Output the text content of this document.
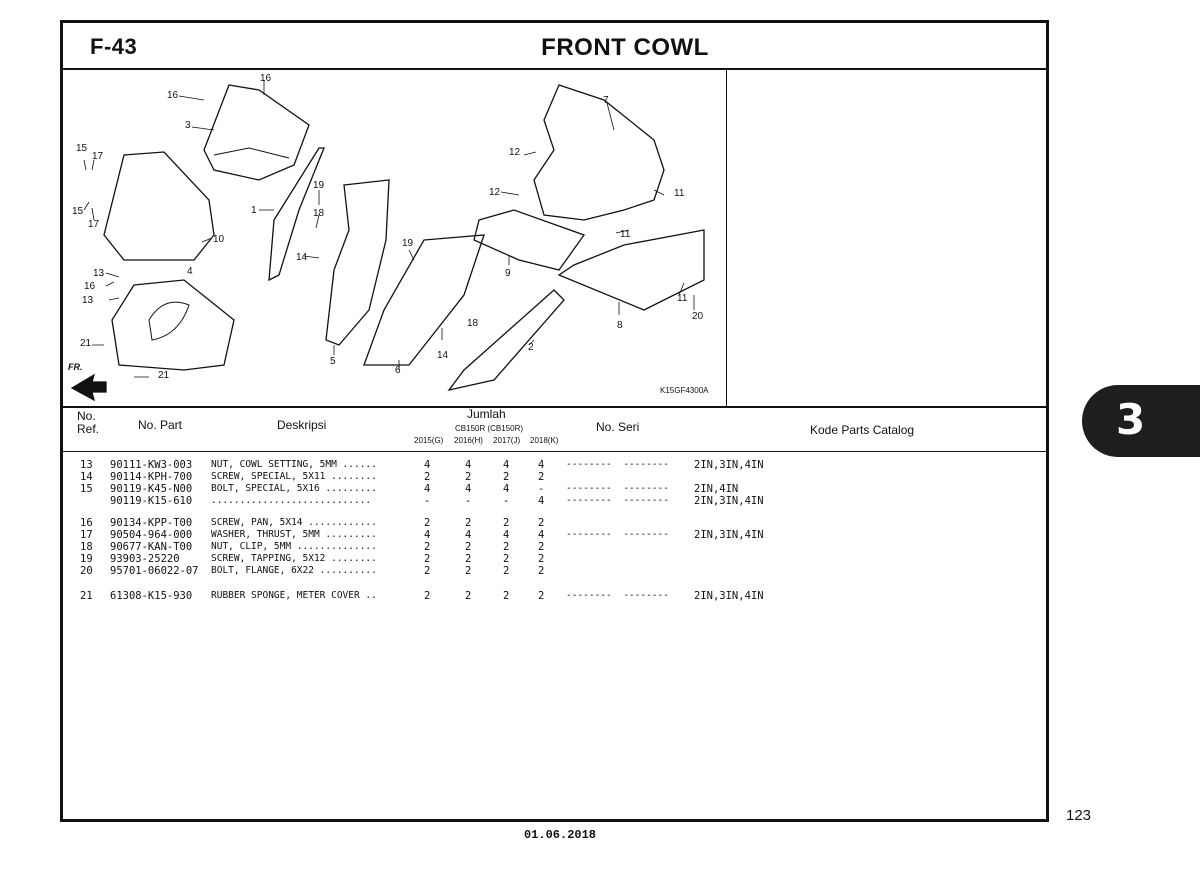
F-43	FRONT COWL
FR.
K15GF4300A
16
16
3
15
17
15
17
1
19
18
10
4
13
16
13
14
21
21
5
6
19
9
12
12
7
11
11
18
14
2
8
11
20
No.
Ref.	No. Part	Deskripsi
Jumlah
CB150R (CB150R)
2015(G) 2016(H) 2017(J) 2018(K)
No. Seri	Kode Parts Catalog
13 90111-KW3-003 NUT, COWL SETTING, 5MM ......	4	4	4	4 --------  -------- 2IN,3IN,4IN
14 90114-KPH-700 SCREW, SPECIAL, 5X11 ........	2	2	2	2
15 90119-K45-N00 BOLT, SPECIAL, 5X16 .........	4	4	4	- --------  -------- 2IN,4IN
90119-K15-610 ............................	-	-	-	4 --------  -------- 2IN,3IN,4IN
16 90134-KPP-T00 SCREW, PAN, 5X14 ............	2	2	2	2
17 90504-964-000 WASHER, THRUST, 5MM .........	4	4	4	4 --------  -------- 2IN,3IN,4IN
18 90677-KAN-T00 NUT, CLIP, 5MM ..............	2	2	2	2
19 93903-25220	SCREW, TAPPING, 5X12 ........	2	2	2	2
20 95701-06022-07 BOLT, FLANGE, 6X22 ..........	2	2	2	2
21 61308-K15-930 RUBBER SPONGE, METER COVER ..	2	2	2	2 --------  -------- 2IN,3IN,4IN
3
123
01.06.2018
